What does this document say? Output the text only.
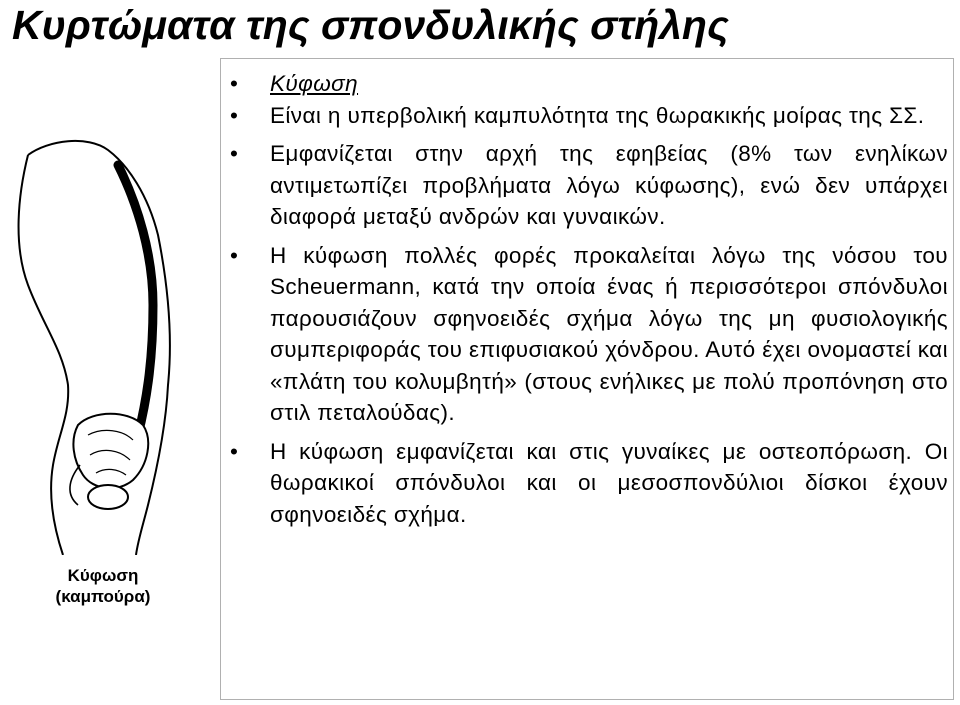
Κυρτώματα της σπονδυλικής στήλης
Κύφωση
(καμπούρα)
• Κύφωση
• Είναι η υπερβολική καμπυλότητα της θωρακικής μοίρας της ΣΣ.
• Εμφανίζεται στην αρχή της εφηβείας (8% των ενηλίκων αντιμετωπίζει προβλήματα λόγω κύφωσης), ενώ δεν υπάρχει διαφορά μεταξύ ανδρών και γυναικών.
• Η κύφωση πολλές φορές προκαλείται λόγω της νόσου του Scheuermann, κατά την οποία ένας ή περισσότεροι σπόνδυλοι παρουσιάζουν σφηνοειδές σχήμα λόγω της μη φυσιολογικής συμπεριφοράς του επιφυσιακού χόνδρου. Αυτό έχει ονομαστεί και «πλάτη του κολυμβητή» (στους ενήλικες με πολύ προπόνηση στο στιλ πεταλούδας).
• Η κύφωση εμφανίζεται και στις γυναίκες με οστεοπόρωση. Οι θωρακικοί σπόνδυλοι και οι μεσοσπονδύλιοι δίσκοι έχουν σφηνοειδές σχήμα.
